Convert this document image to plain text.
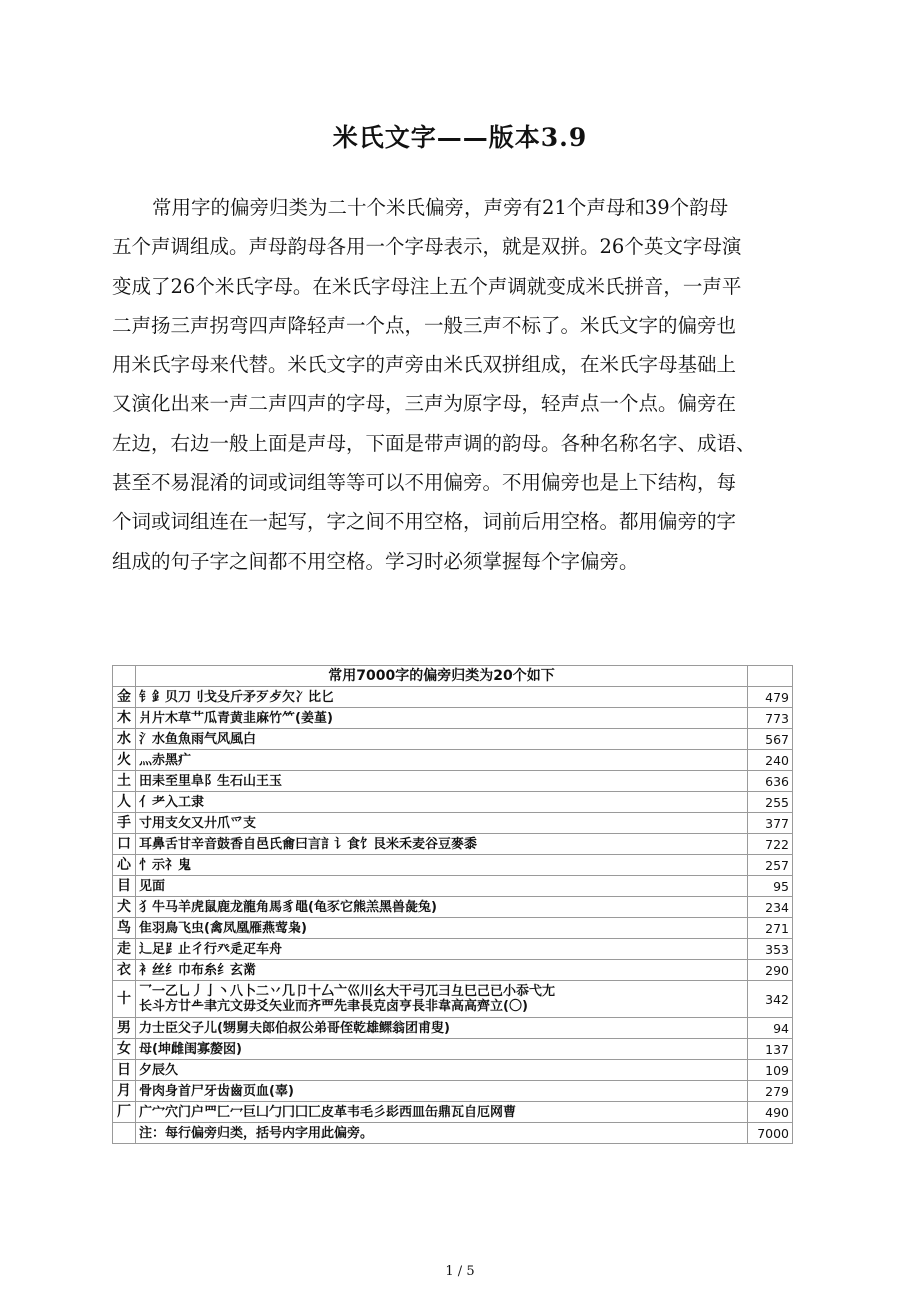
米氏文字——版本3.9
常用字的偏旁归类为二十个米氏偏旁，声旁有21个声母和39个韵母
五个声调组成。声母韵母各用一个字母表示，就是双拼。26个英文字母演
变成了26个米氏字母。在米氏字母注上五个声调就变成米氏拼音，一声平
二声扬三声拐弯四声降轻声一个点，一般三声不标了。米氏文字的偏旁也
用米氏字母来代替。米氏文字的声旁由米氏双拼组成，在米氏字母基础上
又演化出来一声二声四声的字母，三声为原字母，轻声点一个点。偏旁在
左边，右边一般上面是声母，下面是带声调的韵母。各种名称名字、成语、
甚至不易混淆的词或词组等等可以不用偏旁。不用偏旁也是上下结构，每
个词或词组连在一起写，字之间不用空格，词前后用空格。都用偏旁的字
组成的句子字之间都不用空格。学习时必须掌握每个字偏旁。
	常用7000字的偏旁归类为20个如下	
金	钅釒贝刀刂戈殳斤矛歹歺欠冫比匕	479
木	爿片木草艹瓜青黄韭麻竹⺮(姜堇)	773
水	氵水鱼魚雨气风風白	567
火	灬赤黑疒	240
土	田耒至里阜阝生石山王玉	636
人	亻耂入工隶	255
手	寸用支攵又廾爪爫支	377
口	耳鼻舌甘辛音鼓香自邑氏龠曰言訁讠食饣艮米禾麦谷豆麥黍	722
心	忄示礻鬼	257
目	见面	95
犬	犭牛马羊虎鼠鹿龙龍角馬豸黽(龟豕它熊羔黑兽彘兔)	234
鸟	隹羽鳥飞虫(禽凤凰雁燕莺枭)	271
走	辶足⻊止彳行癶辵疋车舟	353
衣	衤丝纟巾布糸纟玄黹	290
十	乛一乙乚丿亅丶八卜二丷几卩十厶亠巛川幺大干弓兀彐彑巳己已小忝弋尢
长斗方廿𠂒聿亢文毋爻矢业而齐覀先聿長克卤亨長非韋高高齊立(〇)	342
男	力士臣父子儿(甥舅夫郎伯叔公弟哥侄乾雄鳏翁团甫叟)	94
女	母(坤雌闺寡嫠囡)	137
日	夕辰久	109
月	骨肉身首尸牙齿齒页血(辜)	279
厂	广宀穴门户罒匚冖巨凵勹冂囗匸皮革韦毛彡髟西皿缶鼎瓦自厄网曹	490
	注：每行偏旁归类，括号内字用此偏旁。	7000
1 / 5
